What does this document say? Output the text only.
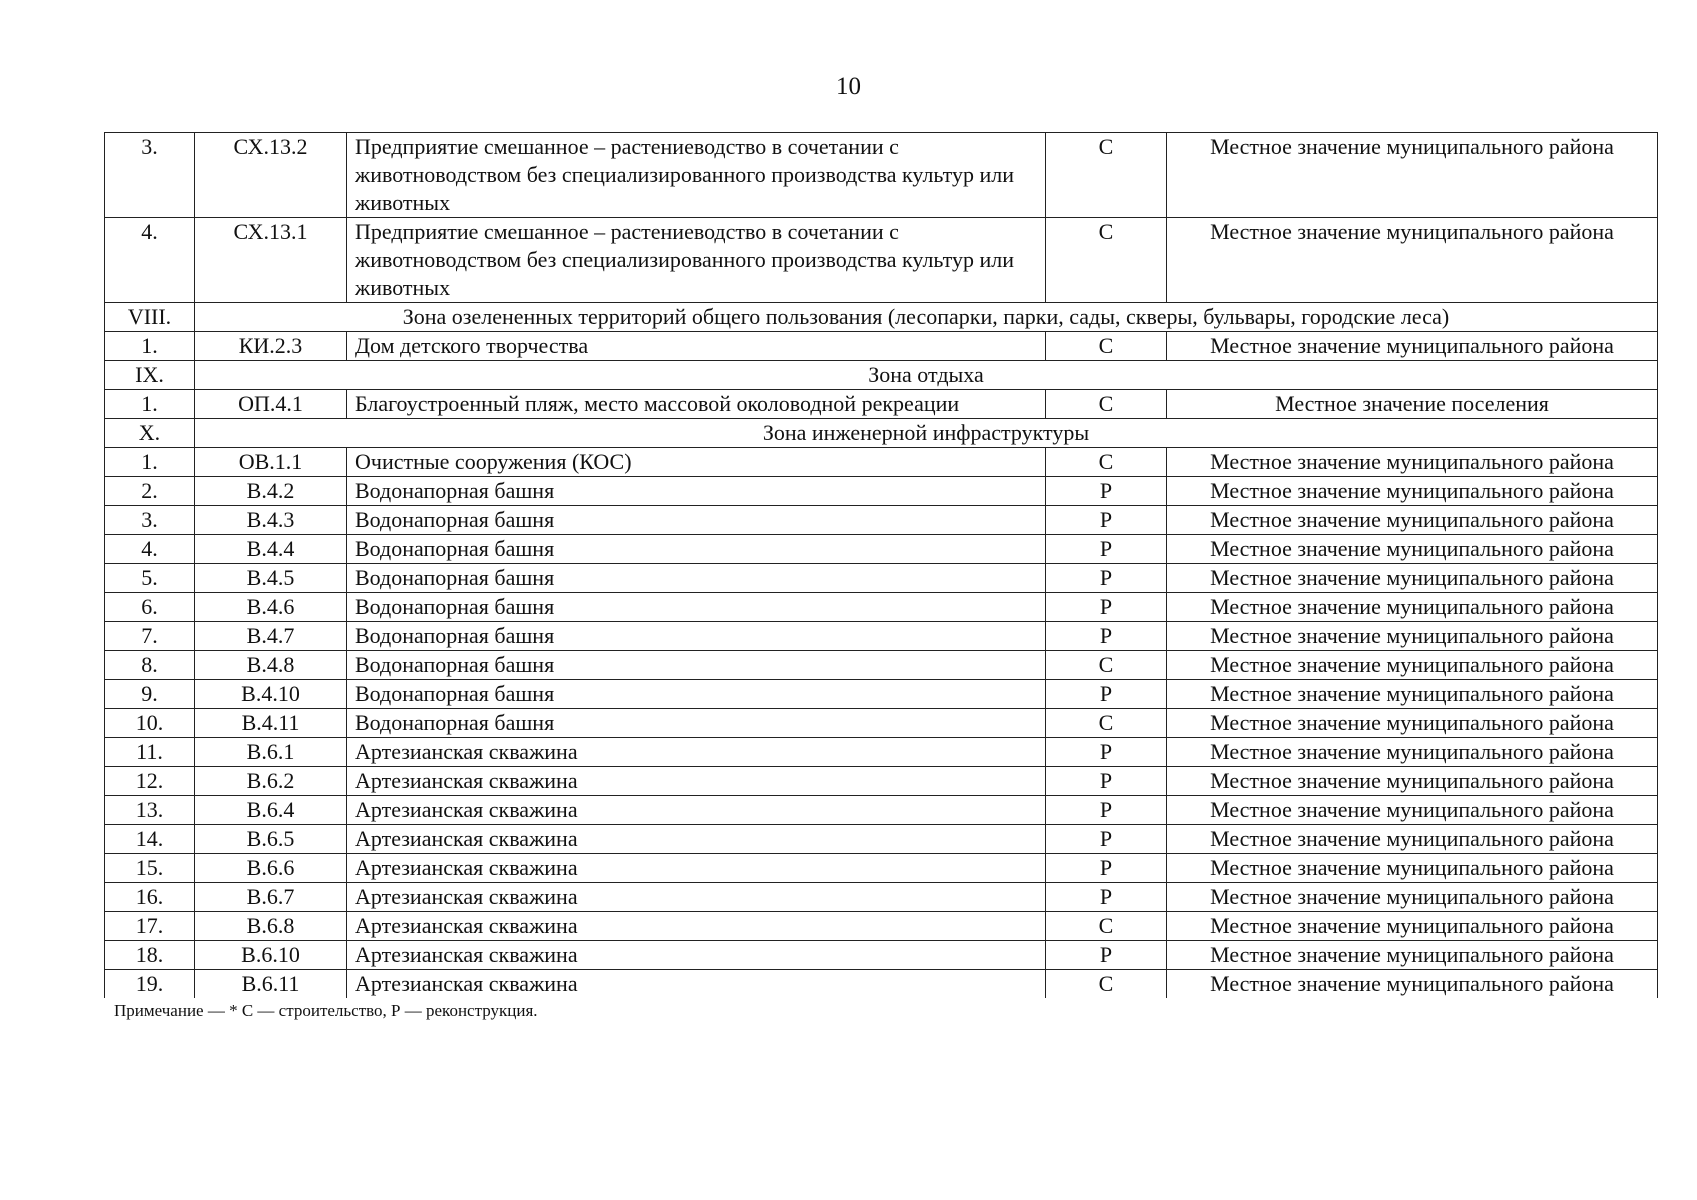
10
3.	СХ.13.2	Предприятие смешанное – растениеводство в сочетании с животноводством без специализированного производства культур или животных	С	Местное значение муниципального района
4.	СХ.13.1	Предприятие смешанное – растениеводство в сочетании с животноводством без специализированного производства культур или животных	С	Местное значение муниципального района
VIII.	Зона озелененных территорий общего пользования (лесопарки, парки, сады, скверы, бульвары, городские леса)			
1.	КИ.2.3	Дом детского творчества	С	Местное значение муниципального района
IX.	Зона отдыха			
1.	ОП.4.1	Благоустроенный пляж, место массовой околоводной рекреации	С	Местное значение поселения
X.	Зона инженерной инфраструктуры			
1.	ОВ.1.1	Очистные сооружения (КОС)	С	Местное значение муниципального района
2.	В.4.2	Водонапорная башня	Р	Местное значение муниципального района
3.	В.4.3	Водонапорная башня	Р	Местное значение муниципального района
4.	В.4.4	Водонапорная башня	Р	Местное значение муниципального района
5.	В.4.5	Водонапорная башня	Р	Местное значение муниципального района
6.	В.4.6	Водонапорная башня	Р	Местное значение муниципального района
7.	В.4.7	Водонапорная башня	Р	Местное значение муниципального района
8.	В.4.8	Водонапорная башня	С	Местное значение муниципального района
9.	В.4.10	Водонапорная башня	Р	Местное значение муниципального района
10.	В.4.11	Водонапорная башня	С	Местное значение муниципального района
11.	В.6.1	Артезианская скважина	Р	Местное значение муниципального района
12.	В.6.2	Артезианская скважина	Р	Местное значение муниципального района
13.	В.6.4	Артезианская скважина	Р	Местное значение муниципального района
14.	В.6.5	Артезианская скважина	Р	Местное значение муниципального района
15.	В.6.6	Артезианская скважина	Р	Местное значение муниципального района
16.	В.6.7	Артезианская скважина	Р	Местное значение муниципального района
17.	В.6.8	Артезианская скважина	С	Местное значение муниципального района
18.	В.6.10	Артезианская скважина	Р	Местное значение муниципального района
19.	В.6.11	Артезианская скважина	С	Местное значение муниципального района
Примечание — * С — строительство, Р — реконструкция.
